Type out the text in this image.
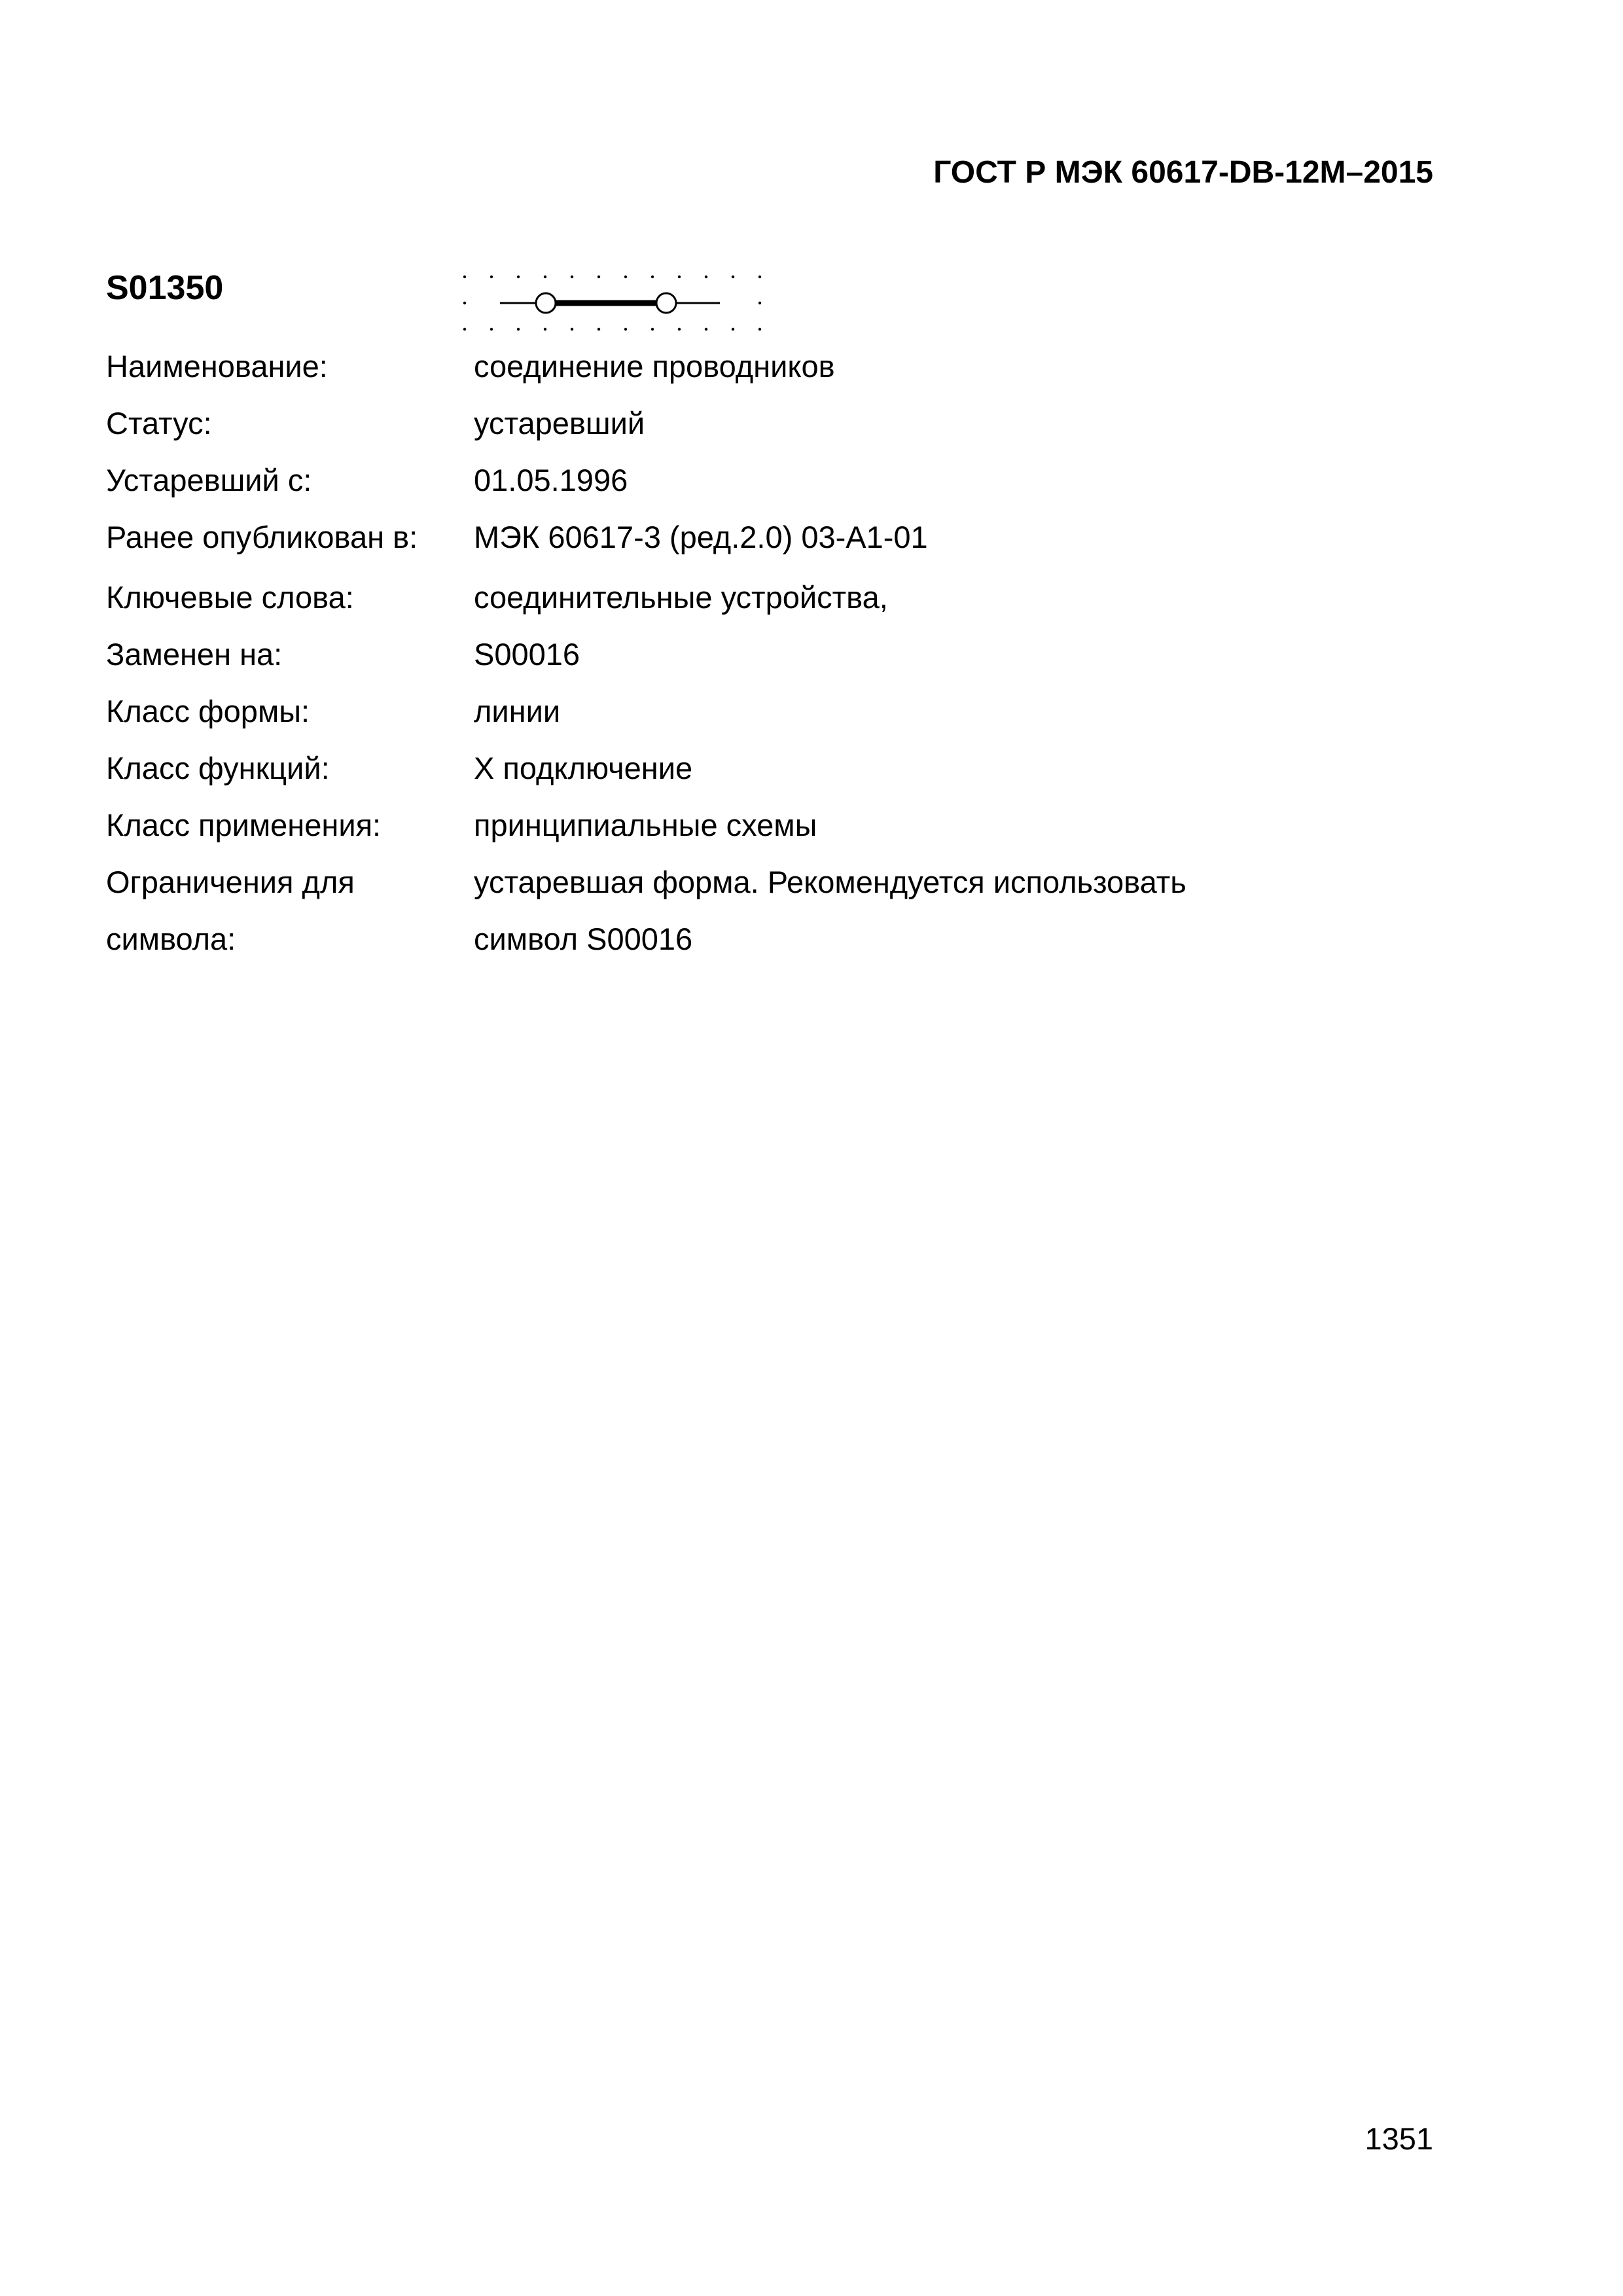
ГОСТ Р МЭК 60617-DB-12M–2015
S01350
Наименование:	соединение проводников
Статус:	устаревший
Устаревший с:	01.05.1996
Ранее опубликован в: МЭК 60617-3 (ред.2.0) 03-A1-01
Ключевые слова:	соединительные устройства,
Заменен на:	S00016
Класс формы:	линии
Класс функций:	X подключение
Класс применения:	принципиальные схемы
Ограничения для	устаревшая форма. Рекомендуется использовать
символа:	символ S00016
1351
